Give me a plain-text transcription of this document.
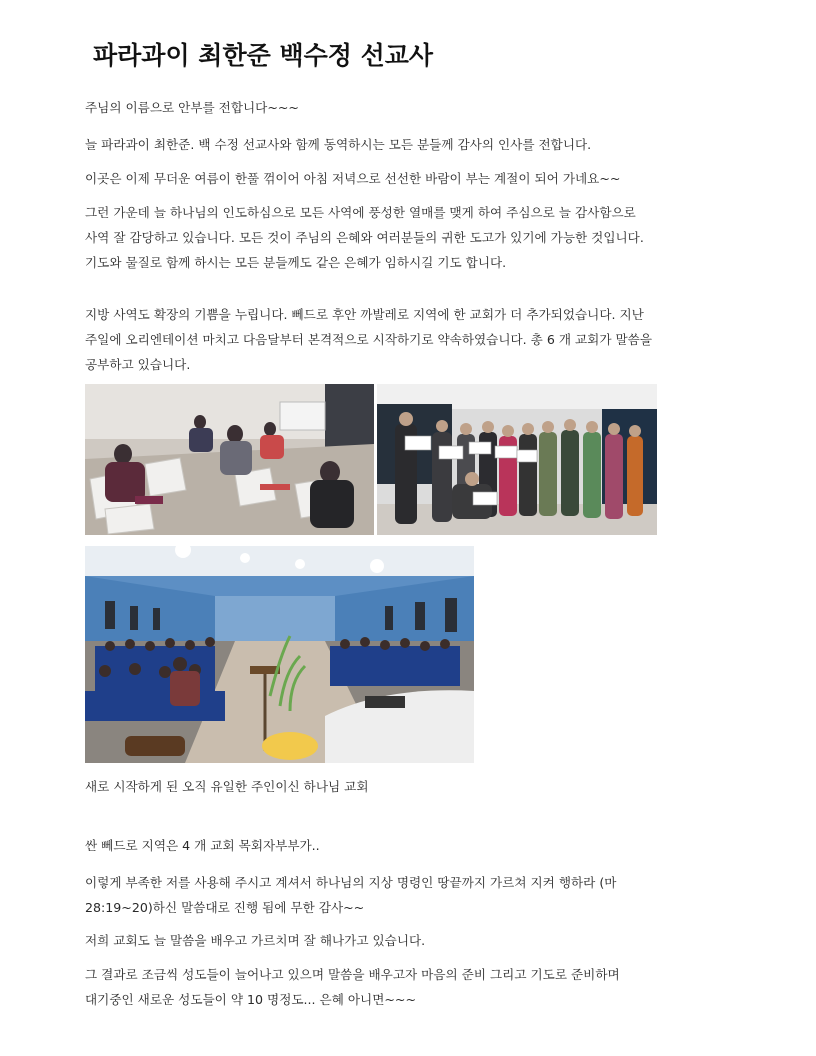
파라과이 최한준 백수정 선교사

주님의 이름으로 안부를 전합니다~~~

늘 파라과이 최한준. 백 수정 선교사와 함께 동역하시는 모든 분들께 감사의 인사를 전합니다.

이곳은 이제 무더운 여름이 한풀 꺾이어 아침 저녁으로 선선한 바람이 부는 계절이 되어 가네요~~

그런 가운데 늘 하나님의 인도하심으로 모든 사역에 풍성한 열매를 맺게 하여 주심으로 늘 감사함으로

사역 잘 감당하고 있습니다. 모든 것이 주님의 은혜와 여러분들의 귀한 도고가 있기에 가능한 것입니다.

기도와 물질로 함께 하시는 모든 분들께도 같은 은혜가 임하시길 기도 합니다.

지방 사역도 확장의 기쁨을 누립니다. 뻬드로 후안 까발레로 지역에 한 교회가 더 추가되었습니다. 지난

주일에 오리엔테이션 마치고 다음달부터 본격적으로 시작하기로 약속하였습니다. 총 6 개 교회가 말씀을

공부하고 있습니다.

새로 시작하게 된 오직 유일한 주인이신 하나님 교회

싼 뻬드로 지역은 4 개 교회 목회자부부가..

이렇게 부족한 저를 사용해 주시고 계셔서 하나님의 지상 명령인 땅끝까지 가르쳐 지켜 행하라 (마

28:19~20)하신 말씀대로 진행 됨에 무한 감사~~

저희 교회도 늘 말씀을 배우고 가르치며 잘 해나가고 있습니다.

그 결과로 조금씩 성도들이 늘어나고 있으며 말씀을 배우고자 마음의 준비 그리고 기도로 준비하며

대기중인 새로운 성도들이 약 10 명정도... 은혜 아니면~~~
